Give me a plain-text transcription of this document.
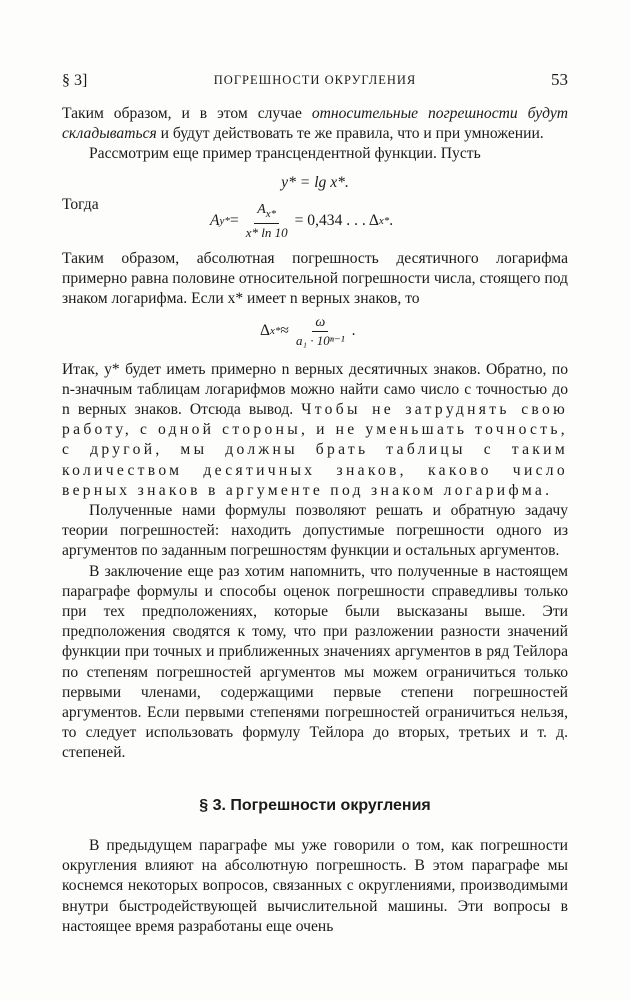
§ 3]	ПОГРЕШНОСТИ ОКРУГЛЕНИЯ	53

Таким образом, и в этом случае относительные погрешности будут складываться и будут действовать те же правила, что и при умножении.

Рассмотрим еще пример трансцендентной функции. Пусть

y* = lg x*.

Тогда

A $y* = \frac{A_{x*}}{x* \ln 10} = 0,434$ . . . Δ x* .

Таким образом, абсолютная погрешность десятичного логарифма примерно равна половине относительной погрешности числа, стоящего под знаком логарифма. Если x* имеет n верных знаков, то

Δ $x* \approx \frac{\omega}{\text{a₁ · 10ⁿ⁻¹}}$ .

Итак, y* будет иметь примерно n верных десятичных знаков. Обратно, по n-значным таблицам логарифмов можно найти само число с точностью до n верных знаков. Отсюда вывод. Чтобы не затруднять свою работу, с одной стороны, и не уменьшать точность, с другой, мы должны брать таблицы с таким количеством десятичных знаков, каково число верных знаков в аргументе под знаком логарифма.

Полученные нами формулы позволяют решать и обратную задачу теории погрешностей: находить допустимые погрешности одного из аргументов по заданным погрешностям функции и остальных аргументов.

В заключение еще раз хотим напомнить, что полученные в настоящем параграфе формулы и способы оценок погрешности справедливы только при тех предположениях, которые были высказаны выше. Эти предположения сводятся к тому, что при разложении разности значений функции при точных и приближенных значениях аргументов в ряд Тейлора по степеням погрешностей аргументов мы можем ограничиться только первыми членами, содержащими первые степени погрешностей аргументов. Если первыми степенями погрешностей ограничиться нельзя, то следует использовать формулу Тейлора до вторых, третьих и т. д. степеней.

§ 3. Погрешности округления

В предыдущем параграфе мы уже говорили о том, как погрешности округления влияют на абсолютную погрешность. В этом параграфе мы коснемся некоторых вопросов, связанных с округлениями, производимыми внутри быстродействующей вычислительной машины. Эти вопросы в настоящее время разработаны еще очень
